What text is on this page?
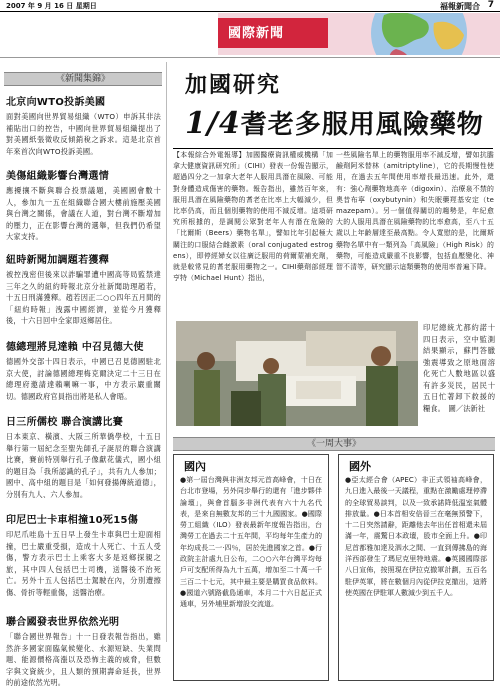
2007 年 9 月 16 日 星期日	福報新聞合 7
國際新聞
《新聞集錦》
北京向WTO投訴美國
面對美國向世界貿易組織（WTO）申訴其非法補貼出口的控告，中國向世界貿易組織提出了對美國紙張徵收反傾銷稅之訴求。這是北京首年來首次向WTO投訴美國。
美傷組織影響台灣選情
應擾攘不斷與聯合投票議題，美國國會數十人，參加九一五在組織聯合國大樓前施壓美國與台灣之關係，會議在人道，對台灣不斷增加的壓力，正在影響台灣的選舉，但我們仍希望大家支持。
紐時新聞加調題若獲釋
被控洩密但後來以詐騙罪遭中國高等局監禁達三年之久的紐約時報北京分社新聞助理趙若，十五日刑滿獲釋。趙若因正二○○四年五月間的「紐約時報」洩露中國經濟，並從今月獲釋後，十六日回中全家即返鄉居住。
德總理將見達賴 中召見德大使
德國外交部十四日表示，中國已召見德國駐北京大使，討論德國總理梅克爾決定二十三日在總理府邀請達賴喇嘛一事，中方表示嚴重關切。德國政府官員指出將是私人會晤。
日三所儒校 聯合演講比賽
日本東京、橫濱、大阪三所華僑學校，十五日舉行第一屆紀念至聖先師孔子誕辰的聯合演講比賽，賽前特別舉行孔子像獻花儀式，國小組的題目為「我所認識的孔子」，共有九人參加；國中、高中組的題目是「如何發揚傳統道德」，分別有九人、六人參加。
印尼巴士卡車相撞10死15傷
印尼爪哇島十五日早上發生卡車與巴士迎面相撞，巴士嚴重受損，造成十人死亡、十五人受傷，警方表示巴士上乘客大多是返鄉探親之旅，其中四人包括巴士司機，送醫後不治死亡。另外十五人包括巴士駕駛在內，分別遭擦傷、骨折等輕重傷，送醫治療。
聯合國發表世界依然光明
「聯合國世界報告」十一日發表報告指出，雖然許多國家面臨氣候變化、水源短缺、失業問題、能源價格高漲以及恐怖主義的威脅，但數字與文資統少，且人類的預期壽命延長，世界的前途依然光明。
加國研究
1/4耆老多服用風險藥物
【本報綜合外電報導】加國醫療資訊權威機構「加拿大健康資訊研究所」（CIHI）發表一份報告顯示，超過四分之一加拿大老年人服用具潛在風險、可能對身體造成傷害的藥物。報告指出，雖然百年來，服用具潛在風險藥物的耆老在比率上大幅減少，但比率仍高，而且個別藥物的使用不減反增。這項研究所根據的，是調閱公眾對老年人有潛在危險的「比爾斯（Beers）藥物名單」，譬如比年引起極大關注的口服結合雌激素（oral conjugated estrogens），即停經婦女以往廣泛服用的荷爾蒙補充劑，就是較常見的耆老服用藥物之一。CIHI藥劑部經理亨特（Michael Hunt）指出，
一些風險名單上的藥物服用率不減反增，譬如抗膽鹼劑阿米替林（amitriptyline），它的長期慢性使用，在過去五年間使用率增長最迅速。此外，還有：強心劑藥物地高辛（digoxin）、治療泉不禁的奧昔布寧（oxybutynin）和失眠藥羥基安定（temazepam）。另一個值得關切的趨勢是，年紀愈大的人服用具潛在風險藥物的比率愈高，至八十五歲以上年齡層達至最高點。令人寬慰的是，比爾斯藥物名單中有一類列為「高風險」（High Risk）的藥物，可能造成嚴重不良影響，包括血壓變化、神智不清等，研究顯示這類藥物的使用率普遍下降。
印尼總統尤都約諾十四日表示，空中監測結果顯示，蘇門答臘強震導致之原地面溶化死亡人數地區以盛有許多災民，居民十五日忙著卸下救援的糧食。　圖／法新社
《一周大事》
國內
●第一屆台灣與非洲友邦元首高峰會，十日在台北市登場，另外同步舉行的還有「進步夥伴論壇」，與會首腦多非洲代表有六十九名代表，是來自無數友邦的三十九國國家。●國際勞工組織（ILO）發表最新年度報告指出，台灣勞工在過去二十五年間，平均每年生產力的年均成長二一·四％，居於先進國家之首。●行政院主計處九日公布，二○○六年台灣平均每戶可支配所得為九十五萬，增加至二十萬一千三百二十七元，其中最主要是購買食品飲料。●國道六號路截島通車，本月二十六日起正式通車，另外埔里新增設交流道。
國外
●亞太經合會（APEC）非正式領袖高峰會，九日進入最後一天議程，重點在激勵處理停滯的全球貿易談判，以及一致承諾降低溫室氣體排放量。●日本首相安倍晉三在毫無預警下，十二日突然請辭，距離他去年出任首相還未屆滿一年，震驚日本政壇，股市全面上升。●印尼首都雅加達及泗水之間、一直到傳拂島的海洋西部發生了瑪尼克里特地震。●英國國際部八日宣佈，按照現在伊拉克撤軍計劃，五百名駐伊英軍，將在數個月內從伊拉克撤出，這將使英國在伊駐軍人數減少到五千人。
